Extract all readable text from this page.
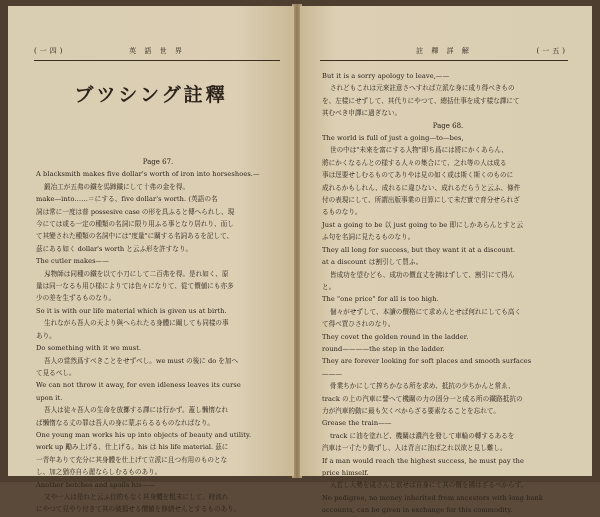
(一四)	英 語 世 界
ブツシング註釋
Page 67.
A blacksmith makes five dollar's worth of iron into horseshoes.—
鍛冶工が五弗の鐵を馬蹄鐵にして十弗の金を得。
make—into……＝にする、five dollar's worth. (英語の名
詞は常に一度は普 possesive case の形を具ふると傳へられし、現
今にては或る一定の種類の名詞に限り用ふる事となり居れり、而し
て其變された種類の名詞中には"度量"に關する名詞あるを記して、
茲にある如く dollar's worth と云ふ形を許すなり。
The cutler makes——
刄物師は同種の鐵を以て小刀にして二百弗を得。是れ如く、原
量は同一なるも用ひ様によりては色々になりて、從て價値にも亦多
少の差を生ずるものなり。
So it is with our life material which is given us at birth.
生れながら吾人の天より與へられたる身體に關しても同樣の事
あり。
Do something with it we must.
吾人の當然爲すべきことをせずべし。we must の後に do を加へ
て見るべし。
We can not throw it away, for even idleness leaves its curse
upon it.
吾人は徒々吾人の生命を放擲する譯には行かず。蓋し懶惰なれ
ば懶惰なる丈の罪は吾人の身に蒙ぶらるるものなればなり。
One young man works his up into objects of beauty and utility.
work up 勵み上げる、仕上げる。his は his life material. 茲に
一青年ありて充分に其身體を仕上げて立派に且つ有用のものとな
し、加之猶亦自ら麗ならしむるものあり。
Another botches and spoils his——
又や一人は是れと云ふ目的もなく其身體を粗末にして、時流れ
にやつて見やり付きて其の破損せる價値を修繕せんとするものあり。
註 釋 詳 解	(一五)
But it is a sorry apology to leave,——
されどもこれは元來註意さへすれば立派な身に成り得べきもの
を、左樣にせずして、其代りにやつて、總括仕事を成す樣な譯にて
其むべき申譯に過ぎない。
Page 68.
The world is full of just a going—to—bes,
世の中は"未來を富にする人物"即ち爲には將にかくあらん、
將にかくなるんとの様する人々の集合にて、之れ等の人は成る
事は逕要せしむるものてありやは見の如く或は斯く斯くのものに
成れるかもしれん、成れるに違ひない、成れるだらうと云ふ、條件
付の表現にして、所謂出版事業の目算にして未だ實で育分せられざ
るものなり。
Just a going to be 以 just going to be 即にしかあらんとすと云
ふ句を名詞に見たるものなり。
They all long for success, but they want it at a discount.
at a discount は割引して買ふ。
皆成功を望むども、成功の價直丈を拂はずして、割引にて得ん
と。
The "one price" for all is too high.
個々がせずして、本讀の價格にて求めんとせば何れにしても高く
て得べ買ひされのなり。
They covet the golden round in the ladder.
round————the step in the ladder.
They are forever looking for soft places and smooth surfaces
———
骨業ちかにして搾ちかなる所を求め、抵抗の少ちかんと常ゑ、
track の上の汽車に譬へて機關の力の固分一と成る所の鐵路抵抗の
力が汽車的動に最も欠くべからざる要素なることを忘れて。
Grease the train——
track に油を塗れど、機關は濃汽を發して車輪の轉するあるを
汽車は一寸たり動ずし、人は背言に油ば之れ以欲と見し難し。
If a man would reach the highest success, he must pay the
price himself.
人若し大勢を成さんと欲せば自身にて其の價を拂はざるべからず。
No pedigree, no money inherited from ancestors with long bank
accounts, can be given in exchange for this commodity.
